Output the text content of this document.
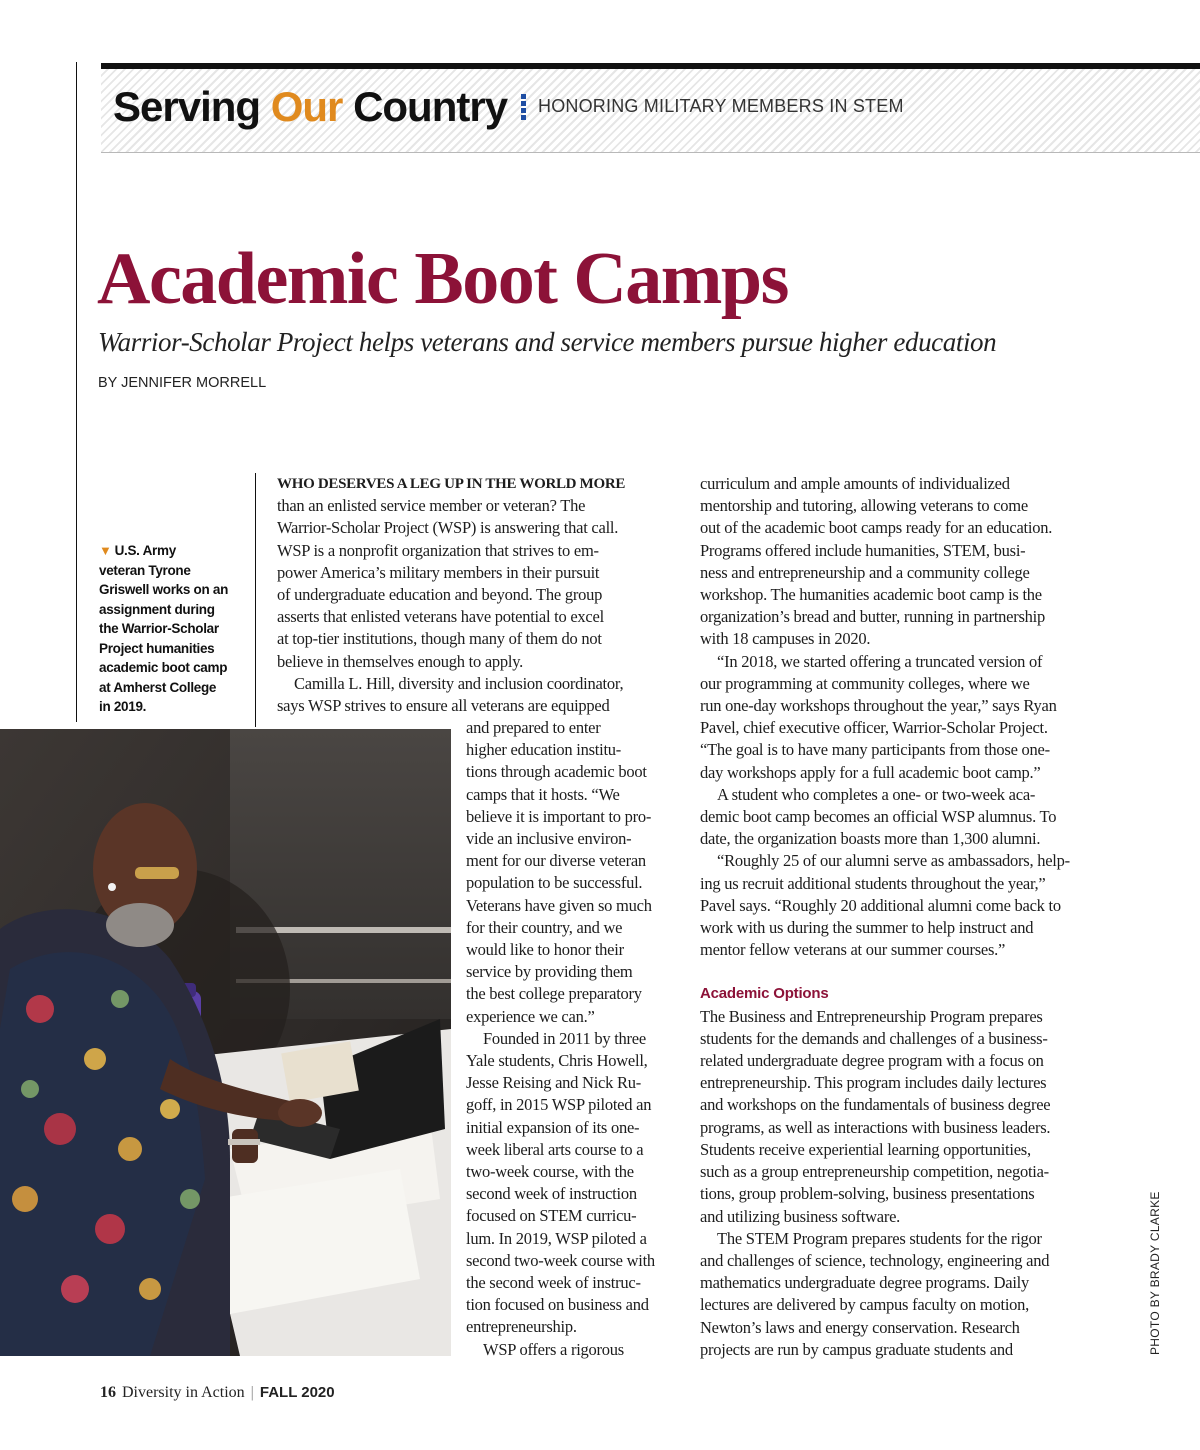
Serving Our Country HONORING MILITARY MEMBERS IN STEM
Academic Boot Camps

Warrior-Scholar Project helps veterans and service members pursue higher education

BY JENNIFER MORRELL
▼ U.S. Army
veteran Tyrone
Griswell works on an
assignment during
the Warrior-Scholar
Project humanities
academic boot camp
at Amherst College
in 2019.

WHO DESERVES A LEG UP IN THE WORLD MORE

than an enlisted service member or veteran? The

Warrior-Scholar Project (WSP) is answering that call.

WSP is a nonprofit organization that strives to em-

power America’s military members in their pursuit

of undergraduate education and beyond. The group

asserts that enlisted veterans have potential to excel

at top-tier institutions, though many of them do not

believe in themselves enough to apply.

Camilla L. Hill, diversity and inclusion coordinator,

says WSP strives to ensure all veterans are equipped

and prepared to enter

higher education institu-

tions through academic boot

camps that it hosts. “We

believe it is important to pro-

vide an inclusive environ-

ment for our diverse veteran

population to be successful.

Veterans have given so much

for their country, and we

would like to honor their

service by providing them

the best college preparatory

experience we can.”

Founded in 2011 by three

Yale students, Chris Howell,

Jesse Reising and Nick Ru-

goff, in 2015 WSP piloted an

initial expansion of its one-

week liberal arts course to a

two-week course, with the

second week of instruction

focused on STEM curricu-

lum. In 2019, WSP piloted a

second two-week course with

the second week of instruc-

tion focused on business and

entrepreneurship.

WSP offers a rigorous

curriculum and ample amounts of individualized

mentorship and tutoring, allowing veterans to come

out of the academic boot camps ready for an education.

Programs offered include humanities, STEM, busi-

ness and entrepreneurship and a community college

workshop. The humanities academic boot camp is the

organization’s bread and butter, running in partnership

with 18 campuses in 2020.

“In 2018, we started offering a truncated version of

our programming at community colleges, where we

run one-day workshops throughout the year,” says Ryan

Pavel, chief executive officer, Warrior-Scholar Project.

“The goal is to have many participants from those one-

day workshops apply for a full academic boot camp.”

A student who completes a one- or two-week aca-

demic boot camp becomes an official WSP alumnus. To

date, the organization boasts more than 1,300 alumni.

“Roughly 25 of our alumni serve as ambassadors, help-

ing us recruit additional students throughout the year,”

Pavel says. “Roughly 20 additional alumni come back to

work with us during the summer to help instruct and

mentor fellow veterans at our summer courses.”

Academic Options

The Business and Entrepreneurship Program prepares

students for the demands and challenges of a business-

related undergraduate degree program with a focus on

entrepreneurship. This program includes daily lectures

and workshops on the fundamentals of business degree

programs, as well as interactions with business leaders.

Students receive experiential learning opportunities,

such as a group entrepreneurship competition, negotia-

tions, group problem-solving, business presentations

and utilizing business software.

The STEM Program prepares students for the rigor

and challenges of science, technology, engineering and

mathematics undergraduate degree programs. Daily

lectures are delivered by campus faculty on motion,

Newton’s laws and energy conservation. Research

projects are run by campus graduate students and	PHOTO BY BRADY CLARKE
16 Diversity in Action | FALL 2020
